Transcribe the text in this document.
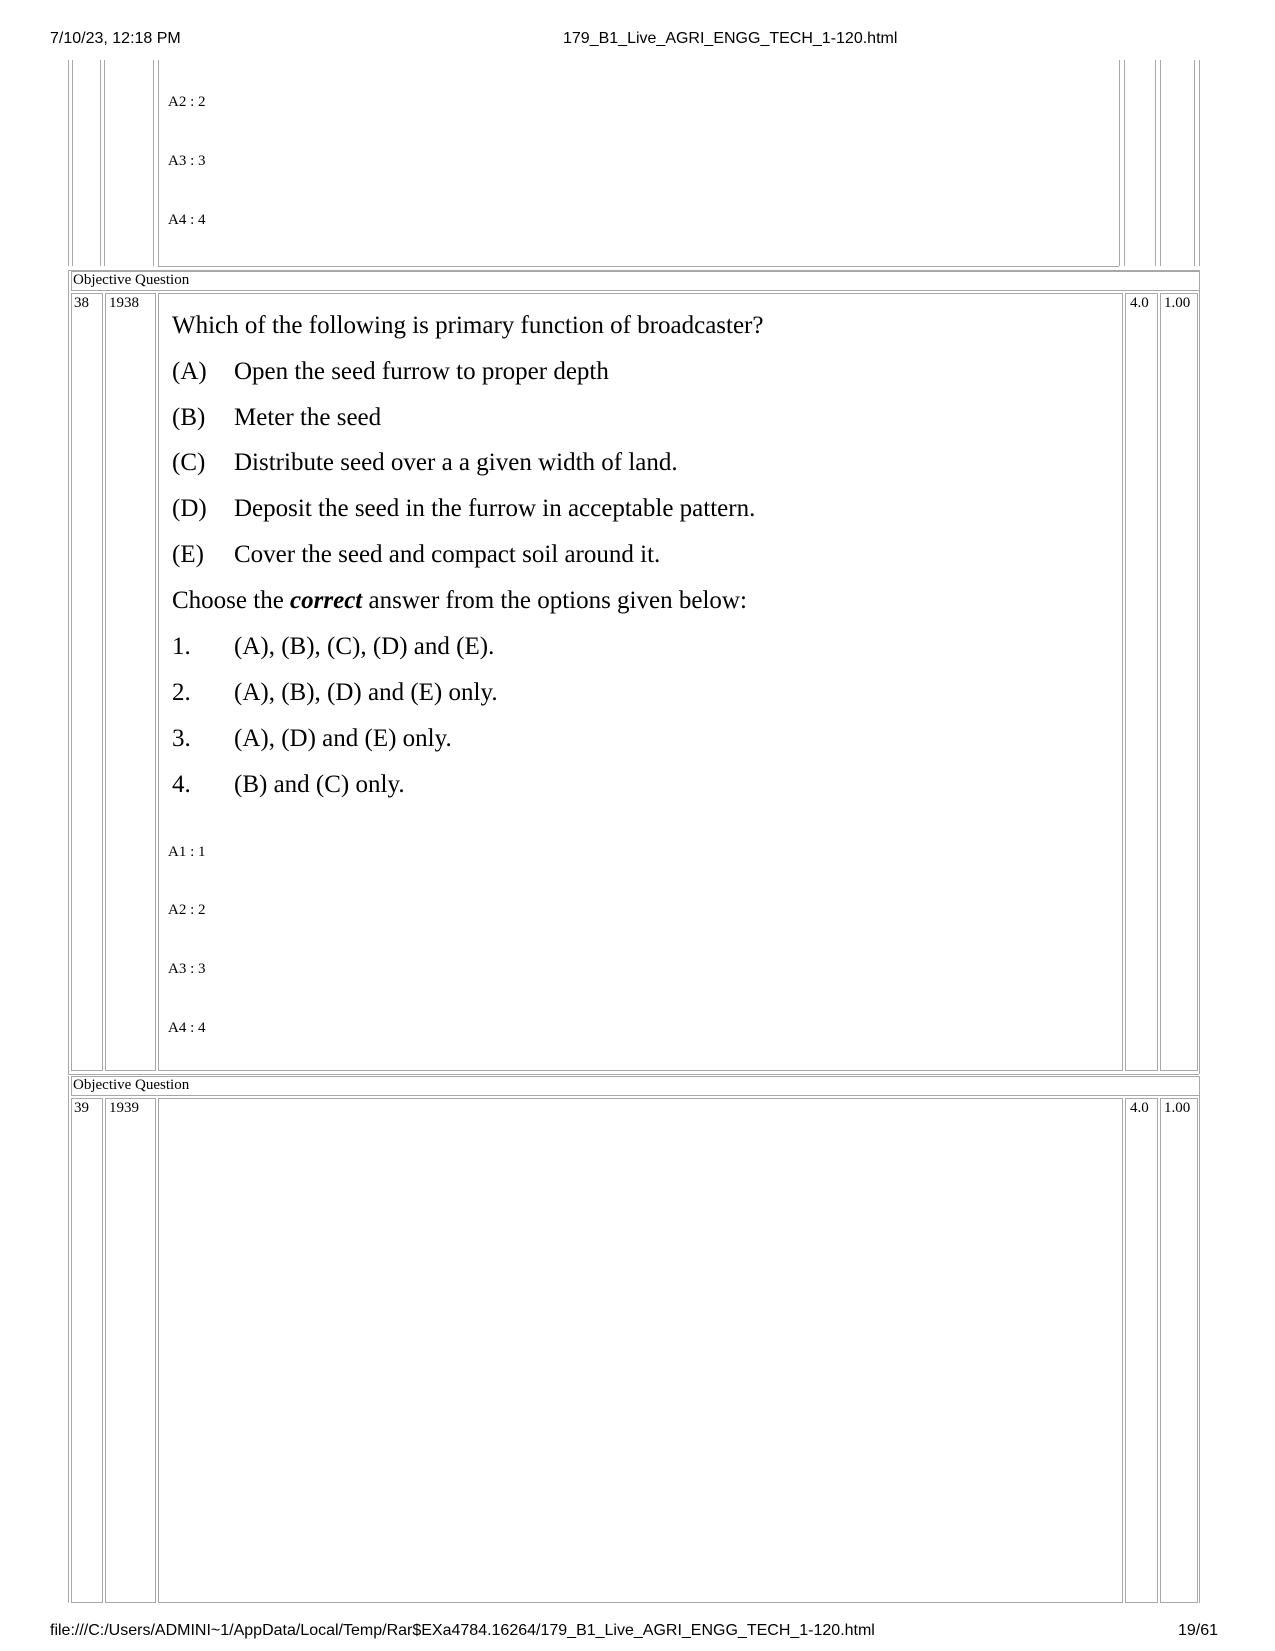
7/10/23, 12:18 PM	179_B1_Live_AGRI_ENGG_TECH_1-120.html
A2 : 2
A3 : 3
A4 : 4
Objective Question
38 1938	4.0 1.00
Which of the following is primary function of broadcaster?
(A) Open the seed furrow to proper depth
(B) Meter the seed
(C) Distribute seed over a a given width of land.
(D) Deposit the seed in the furrow in acceptable pattern.
(E) Cover the seed and compact soil around it.
Choose the correct answer from the options given below:
1. (A), (B), (C), (D) and (E).
2. (A), (B), (D) and (E) only.
3. (A), (D) and (E) only.
4. (B) and (C) only.
A1 : 1
A2 : 2
A3 : 3
A4 : 4
Objective Question
39 1939	4.0 1.00
file:///C:/Users/ADMINI~1/AppData/Local/Temp/Rar$EXa4784.16264/179_B1_Live_AGRI_ENGG_TECH_1-120.html	19/61
